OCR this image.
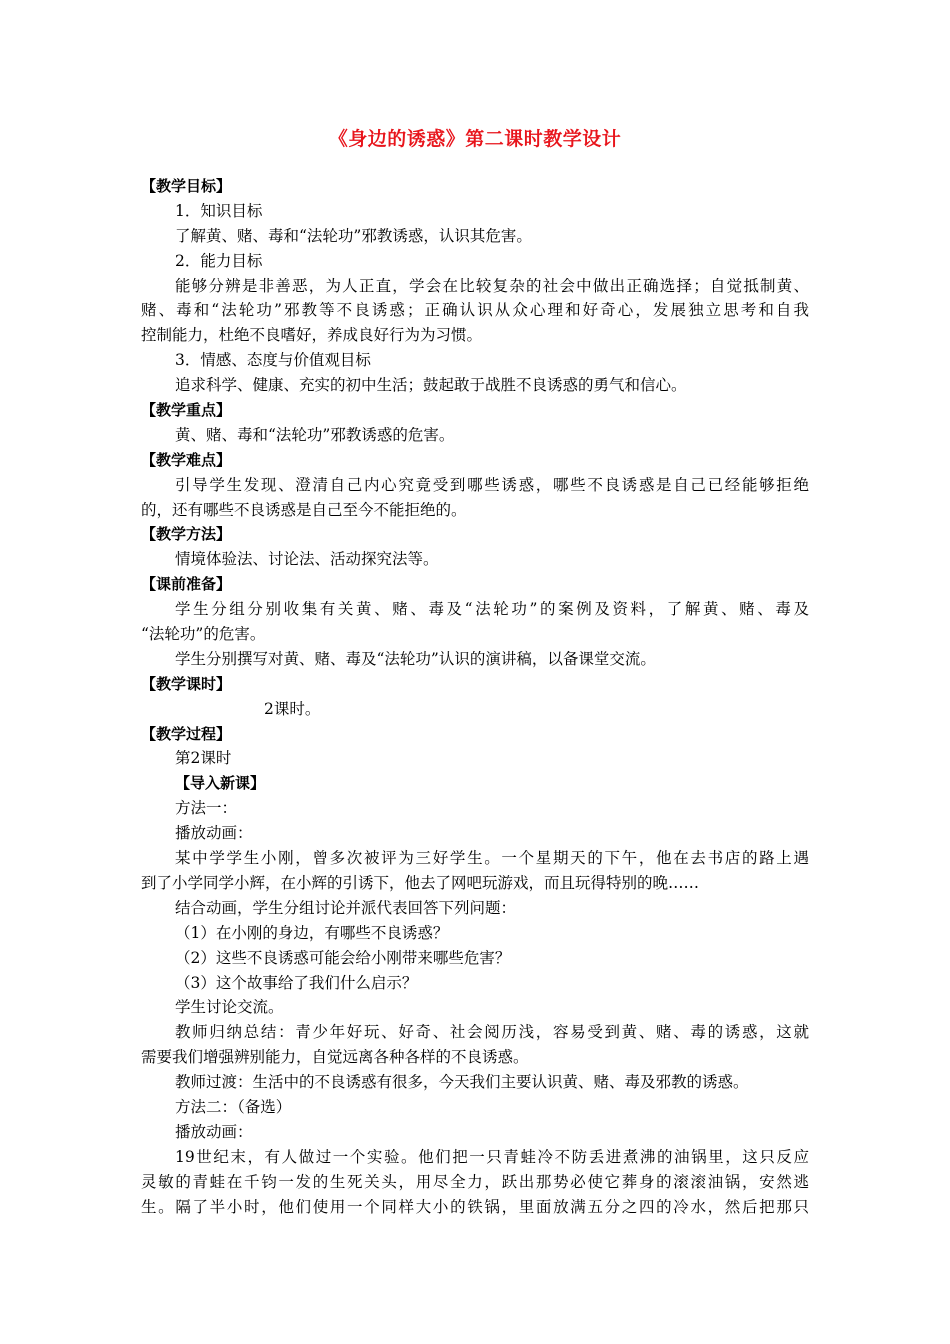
《身边的诱惑》第二课时教学设计
【教学目标】
1．知识目标
了解黄、赌、毒和“法轮功”邪教诱惑，认识其危害。
2．能力目标
能够分辨是非善恶，为人正直，学会在比较复杂的社会中做出正确选择；自觉抵制黄、
赌、毒和“法轮功”邪教等不良诱惑；正确认识从众心理和好奇心，发展独立思考和自我
控制能力，杜绝不良嗜好，养成良好行为为习惯。
3．情感、态度与价值观目标
追求科学、健康、充实的初中生活；鼓起敢于战胜不良诱惑的勇气和信心。
【教学重点】
黄、赌、毒和“法轮功”邪教诱惑的危害。
【教学难点】
引导学生发现、澄清自己内心究竟受到哪些诱惑，哪些不良诱惑是自己已经能够拒绝
的，还有哪些不良诱惑是自己至今不能拒绝的。
【教学方法】
情境体验法、讨论法、活动探究法等。
【课前准备】
学生分组分别收集有关黄、赌、毒及“法轮功”的案例及资料，了解黄、赌、毒及
“法轮功”的危害。
学生分别撰写对黄、赌、毒及“法轮功”认识的演讲稿，以备课堂交流。
【教学课时】
2课时。
【教学过程】
第2课时
【导入新课】
方法一：
播放动画：
某中学学生小刚，曾多次被评为三好学生。一个星期天的下午，他在去书店的路上遇
到了小学同学小辉，在小辉的引诱下，他去了网吧玩游戏，而且玩得特别的晚……
结合动画，学生分组讨论并派代表回答下列问题：
（1）在小刚的身边，有哪些不良诱惑？
（2）这些不良诱惑可能会给小刚带来哪些危害？
（3）这个故事给了我们什么启示？
学生讨论交流。
教师归纳总结：青少年好玩、好奇、社会阅历浅，容易受到黄、赌、毒的诱惑，这就
需要我们增强辨别能力，自觉远离各种各样的不良诱惑。
教师过渡：生活中的不良诱惑有很多，今天我们主要认识黄、赌、毒及邪教的诱惑。
方法二：（备选）
播放动画：
19世纪末，有人做过一个实验。他们把一只青蛙冷不防丢进煮沸的油锅里，这只反应
灵敏的青蛙在千钧一发的生死关头，用尽全力，跃出那势必使它葬身的滚滚油锅，安然逃
生。隔了半小时，他们使用一个同样大小的铁锅，里面放满五分之四的冷水，然后把那只
